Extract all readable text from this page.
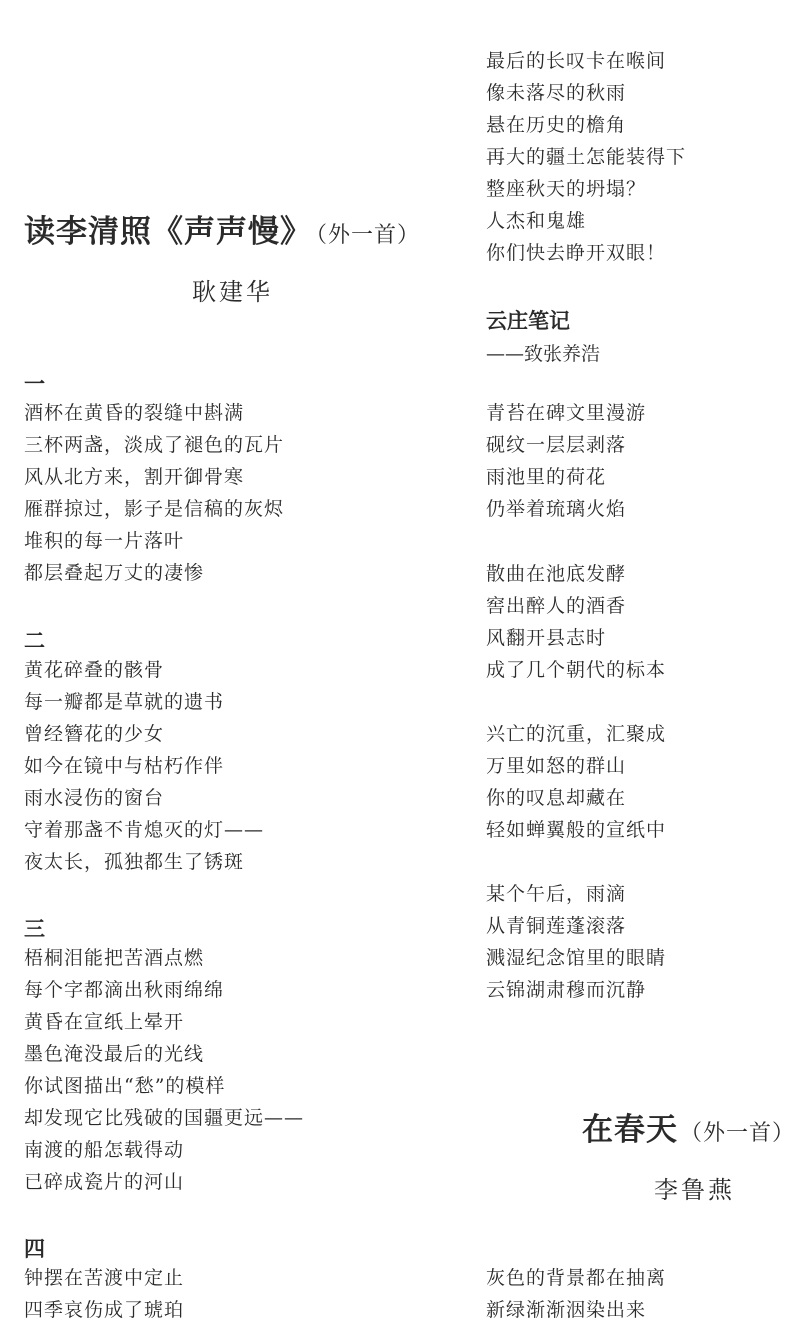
读李清照《声声慢》 （外一首）
耿建华
一
酒杯在黄昏的裂缝中斟满
三杯两盏，淡成了褪色的瓦片
风从北方来，割开御骨寒
雁群掠过，影子是信稿的灰烬
堆积的每一片落叶
都层叠起万丈的凄惨
二
黄花碎叠的骸骨
每一瓣都是草就的遗书
曾经簪花的少女
如今在镜中与枯朽作伴
雨水浸伤的窗台
守着那盏不肯熄灭的灯——
夜太长，孤独都生了锈斑
三
梧桐泪能把苦酒点燃
每个字都滴出秋雨绵绵
黄昏在宣纸上晕开
墨色淹没最后的光线
你试图描出“愁”的模样
却发现它比残破的国疆更远——
南渡的船怎载得动
已碎成瓷片的河山
四
钟摆在苦渡中定止
四季哀伤成了琥珀
最后的长叹卡在喉间
像未落尽的秋雨
悬在历史的檐角
再大的疆土怎能装得下
整座秋天的坍塌？
人杰和鬼雄
你们快去睁开双眼！
云庄笔记
——致张养浩
青苔在碑文里漫游
砚纹一层层剥落
雨池里的荷花
仍举着琉璃火焰
散曲在池底发酵
窖出醉人的酒香
风翻开县志时
成了几个朝代的标本
兴亡的沉重，汇聚成
万里如怒的群山
你的叹息却藏在
轻如蝉翼般的宣纸中
某个午后，雨滴
从青铜莲蓬滚落
溅湿纪念馆里的眼睛
云锦湖肃穆而沉静
在春天（外一首）
李鲁燕
灰色的背景都在抽离
新绿渐渐洇染出来
